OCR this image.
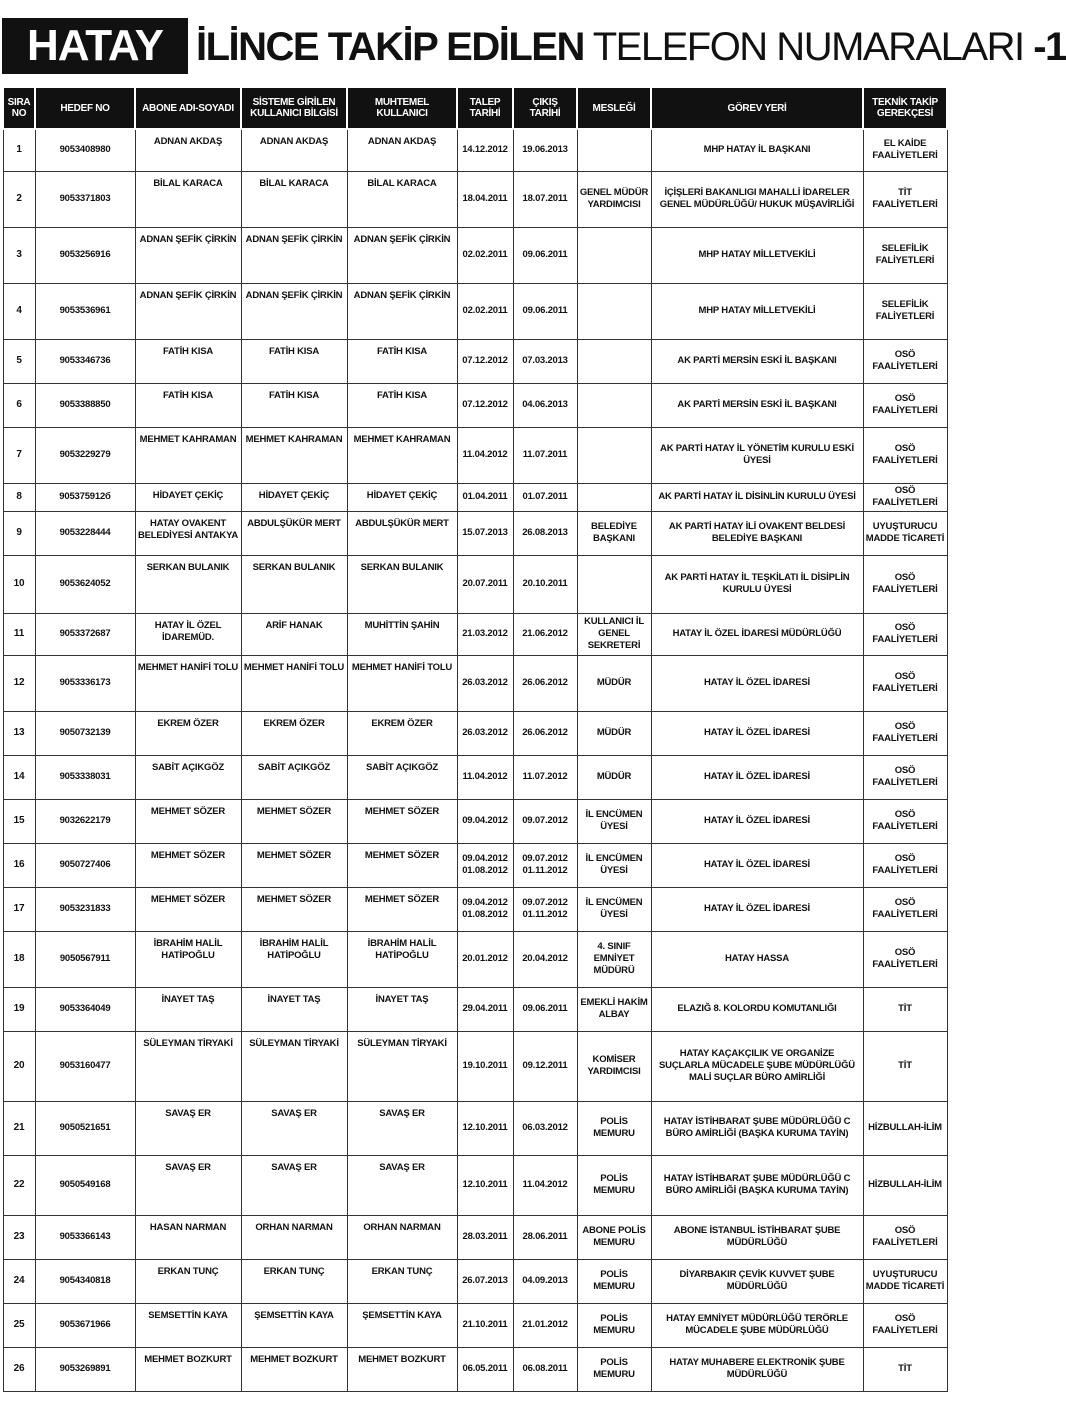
HATAY İLİNCE TAKİP EDİLEN TELEFON NUMARALARI -1
SIRA NO	HEDEF NO	ABONE ADI-SOYADI	SİSTEME GİRİLEN KULLANICI BİLGİSİ	MUHTEMEL KULLANICI	TALEP TARİHİ	ÇIKIŞ TARİHİ	MESLEĞİ	GÖREV YERİ	TEKNİK TAKİP GEREKÇESİ
1	9053408980	ADNAN AKDAŞ	ADNAN AKDAŞ	ADNAN AKDAŞ	14.12.2012	19.06.2013		MHP HATAY İL BAŞKANI	EL KAİDE FAALİYETLERİ
2	9053371803	BİLAL KARACA	BİLAL KARACA	BİLAL KARACA	18.04.2011	18.07.2011	GENEL MÜDÜR YARDIMCISI	İÇİŞLERİ BAKANLIGI MAHALLİ İDARELER GENEL MÜDÜRLÜĞÜ/ HUKUK MÜŞAVİRLİĞİ	TİT FAALİYETLERİ
3	9053256916	ADNAN ŞEFİK ÇİRKİN	ADNAN ŞEFİK ÇİRKİN	ADNAN ŞEFİK ÇİRKİN	02.02.2011	09.06.2011		MHP HATAY MİLLETVEKİLİ	SELEFİLİK FALİYETLERİ
4	9053536961	ADNAN ŞEFİK ÇİRKİN	ADNAN ŞEFİK ÇİRKİN	ADNAN ŞEFİK ÇİRKİN	02.02.2011	09.06.2011		MHP HATAY MİLLETVEKİLİ	SELEFİLİK FALİYETLERİ
5	9053346736	FATİH KISA	FATİH KISA	FATİH KISA	07.12.2012	07.03.2013		AK PARTİ MERSİN ESKİ İL BAŞKANI	OSÖ FAALİYETLERİ
6	9053388850	FATİH KISA	FATİH KISA	FATİH KISA	07.12.2012	04.06.2013		AK PARTİ MERSİN ESKİ İL BAŞKANI	OSÖ FAALİYETLERİ
7	9053229279	MEHMET KAHRAMAN	MEHMET KAHRAMAN	MEHMET KAHRAMAN	11.04.2012	11.07.2011		AK PARTİ HATAY İL YÖNETİM KURULU ESKİ ÜYESİ	OSÖ FAALİYETLERİ
8	905375912б	HİDAYET ÇEKİÇ	HİDAYET ÇEKİÇ	HİDAYET ÇEKİÇ	01.04.2011	01.07.2011		AK PARTİ HATAY İL DİSİNLİN KURULU ÜYESİ	OSÖ FAALİYETLERİ
9	9053228444	HATAY OVAKENT BELEDİYESİ ANTAKYA	ABDULŞÜKÜR MERT	ABDULŞÜKÜR MERT	15.07.2013	26.08.2013	BELEDİYE BAŞKANI	AK PARTİ HATAY İLİ OVAKENT BELDESİ BELEDİYE BAŞKANI	UYUŞTURUCU MADDE TİCARETİ
10	9053624052	SERKAN BULANIK	SERKAN BULANIK	SERKAN BULANIK	20.07.2011	20.10.2011		AK PARTİ HATAY İL TEŞKİLATI İL DİSİPLİN KURULU ÜYESİ	OSÖ FAALİYETLERİ
11	9053372687	HATAY İL ÖZEL İDAREMÜD.	ARİF HANAK	MUHİTTİN ŞAHİN	21.03.2012	21.06.2012	KULLANICI İL GENEL SEKRETERİ	HATAY İL ÖZEL İDARESİ MÜDÜRLÜĞÜ	OSÖ FAALİYETLERİ
12	9053336173	MEHMET HANİFİ TOLU	MEHMET HANİFİ TOLU	MEHMET HANİFİ TOLU	26.03.2012	26.06.2012	MÜDÜR	HATAY İL ÖZEL İDARESİ	OSÖ FAALİYETLERİ
13	9050732139	EKREM ÖZER	EKREM ÖZER	EKREM ÖZER	26.03.2012	26.06.2012	MÜDÜR	HATAY İL ÖZEL İDARESİ	OSÖ FAALİYETLERİ
14	9053338031	SABİT AÇIKGÖZ	SABİT AÇIKGÖZ	SABİT AÇIKGÖZ	11.04.2012	11.07.2012	MÜDÜR	HATAY İL ÖZEL İDARESİ	OSÖ FAALİYETLERİ
15	9032622179	MEHMET SÖZER	MEHMET SÖZER	MEHMET SÖZER	09.04.2012	09.07.2012	İL ENCÜMEN ÜYESİ	HATAY İL ÖZEL İDARESİ	OSÖ FAALİYETLERİ
16	9050727406	MEHMET SÖZER	MEHMET SÖZER	MEHMET SÖZER	09.04.2012 01.08.2012	09.07.2012 01.11.2012	İL ENCÜMEN ÜYESİ	HATAY İL ÖZEL İDARESİ	OSÖ FAALİYETLERİ
17	9053231833	MEHMET SÖZER	MEHMET SÖZER	MEHMET SÖZER	09.04.2012 01.08.2012	09.07.2012 01.11.2012	İL ENCÜMEN ÜYESİ	HATAY İL ÖZEL İDARESİ	OSÖ FAALİYETLERİ
18	9050567911	İBRAHİM HALİL HATİPOĞLU	İBRAHİM HALİL HATİPOĞLU	İBRAHİM HALİL HATİPOĞLU	20.01.2012	20.04.2012	4. SINIF EMNİYET MÜDÜRÜ	HATAY HASSA	OSÖ FAALİYETLERİ
19	9053364049	İNAYET TAŞ	İNAYET TAŞ	İNAYET TAŞ	29.04.2011	09.06.2011	EMEKLİ HAKİM ALBAY	ELAZIĞ 8. KOLORDU KOMUTANLIĞI	TİT
20	9053160477	SÜLEYMAN TİRYAKİ	SÜLEYMAN TİRYAKİ	SÜLEYMAN TİRYAKİ	19.10.2011	09.12.2011	KOMİSER YARDIMCISI	HATAY KAÇAKÇILIK VE ORGANİZE SUÇLARLA MÜCADELE ŞUBE MÜDÜRLÜĞÜ MALİ SUÇLAR BÜRO AMİRLİĞİ	TİT
21	9050521651	SAVAŞ ER	SAVAŞ ER	SAVAŞ ER	12.10.2011	06.03.2012	POLİS MEMURU	HATAY İSTİHBARAT ŞUBE MÜDÜRLÜĞÜ C BÜRO AMİRLİĞİ (BAŞKA KURUMA TAYİN)	HİZBULLAH-İLİM
22	9050549168	SAVAŞ ER	SAVAŞ ER	SAVAŞ ER	12.10.2011	11.04.2012	POLİS MEMURU	HATAY İSTİHBARAT ŞUBE MÜDÜRLÜĞÜ C BÜRO AMİRLİĞİ (BAŞKA KURUMA TAYİN)	HİZBULLAH-İLİM
23	9053366143	HASAN NARMAN	ORHAN NARMAN	ORHAN NARMAN	28.03.2011	28.06.2011	ABONE POLİS MEMURU	ABONE İSTANBUL İSTİHBARAT ŞUBE MÜDÜRLÜĞÜ	OSÖ FAALİYETLERİ
24	9054340818	ERKAN TUNÇ	ERKAN TUNÇ	ERKAN TUNÇ	26.07.2013	04.09.2013	POLİS MEMURU	DİYARBAKIR ÇEVİK KUVVET ŞUBE MÜDÜRLÜĞÜ	UYUŞTURUCU MADDE TİCARETİ
25	9053671966	SEMSETTİN KAYA	ŞEMSETTİN KAYA	ŞEMSETTİN KAYA	21.10.2011	21.01.2012	POLİS MEMURU	HATAY EMNİYET MÜDÜRLÜĞÜ TERÖRLE MÜCADELE ŞUBE MÜDÜRLÜĞÜ	OSÖ FAALİYETLERİ
26	9053269891	MEHMET BOZKURT	MEHMET BOZKURT	MEHMET BOZKURT	06.05.2011	06.08.2011	POLİS MEMURU	HATAY MUHABERE ELEKTRONİK ŞUBE MÜDÜRLÜĞÜ	TİT
